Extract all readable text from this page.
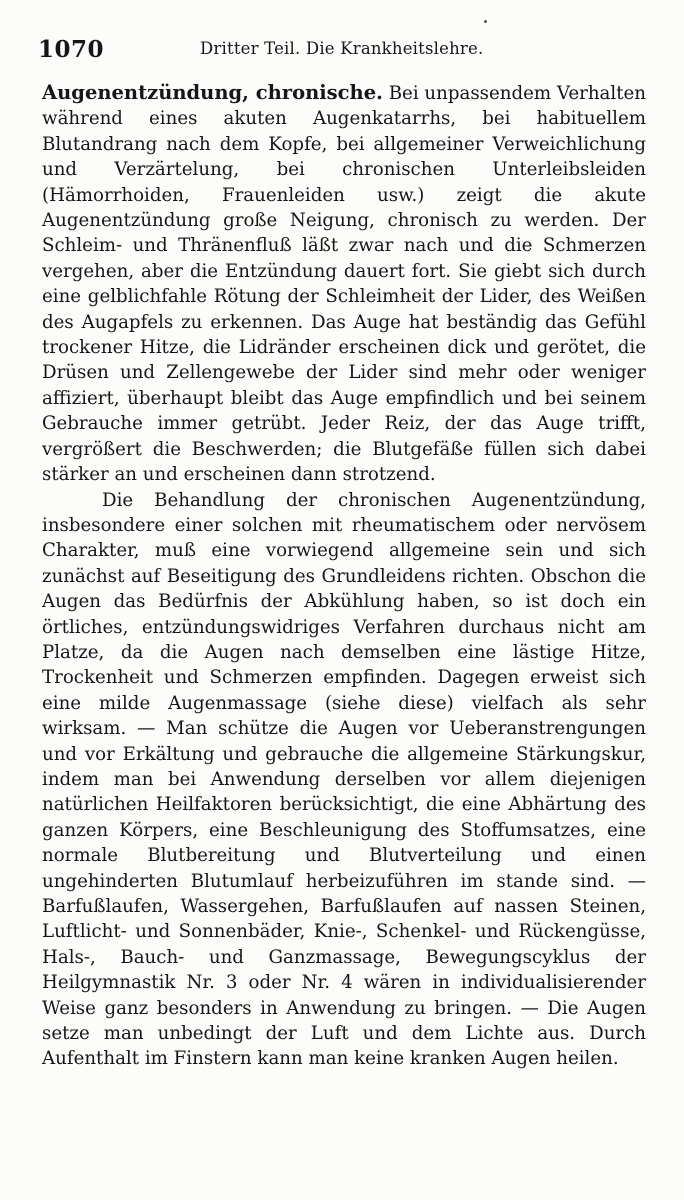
1070	Dritter Teil. Die Krankheitslehre.

Augenentzündung, chronische. Bei unpassendem Verhalten während eines akuten Augenkatarrhs, bei habituellem Blutandrang nach dem Kopfe, bei allgemeiner Verweichlichung und Verzärtelung, bei chronischen Unterleibsleiden (Hämorrhoiden, Frauenleiden usw.) zeigt die akute Augenentzündung große Neigung, chronisch zu werden. Der Schleim- und Thränenfluß läßt zwar nach und die Schmerzen vergehen, aber die Entzündung dauert fort. Sie giebt sich durch eine gelblichfahle Rötung der Schleimheit der Lider, des Weißen des Augapfels zu erkennen. Das Auge hat beständig das Gefühl trockener Hitze, die Lidränder erscheinen dick und gerötet, die Drüsen und Zellengewebe der Lider sind mehr oder weniger affiziert, überhaupt bleibt das Auge empfindlich und bei seinem Gebrauche immer getrübt. Jeder Reiz, der das Auge trifft, vergrößert die Beschwerden; die Blutgefäße füllen sich dabei stärker an und erscheinen dann strotzend.

Die Behandlung der chronischen Augenentzündung, insbesondere einer solchen mit rheumatischem oder nervösem Charakter, muß eine vorwiegend allgemeine sein und sich zunächst auf Beseitigung des Grundleidens richten. Obschon die Augen das Bedürfnis der Abkühlung haben, so ist doch ein örtliches, entzündungswidriges Verfahren durchaus nicht am Platze, da die Augen nach demselben eine lästige Hitze, Trockenheit und Schmerzen empfinden. Dagegen erweist sich eine milde Augenmassage (siehe diese) vielfach als sehr wirksam. — Man schütze die Augen vor Ueberanstrengungen und vor Erkältung und gebrauche die allgemeine Stärkungskur, indem man bei Anwendung derselben vor allem diejenigen natürlichen Heilfaktoren berücksichtigt, die eine Abhärtung des ganzen Körpers, eine Beschleunigung des Stoffumsatzes, eine normale Blutbereitung und Blutverteilung und einen ungehinderten Blutumlauf herbeizuführen im stande sind. — Barfußlaufen, Wassergehen, Barfußlaufen auf nassen Steinen, Luftlicht- und Sonnenbäder, Knie-, Schenkel- und Rückengüsse, Hals-, Bauch- und Ganzmassage, Bewegungscyklus der Heilgymnastik Nr. 3 oder Nr. 4 wären in individualisierender Weise ganz besonders in Anwendung zu bringen. — Die Augen setze man unbedingt der Luft und dem Lichte aus. Durch Aufenthalt im Finstern kann man keine kranken Augen heilen.
